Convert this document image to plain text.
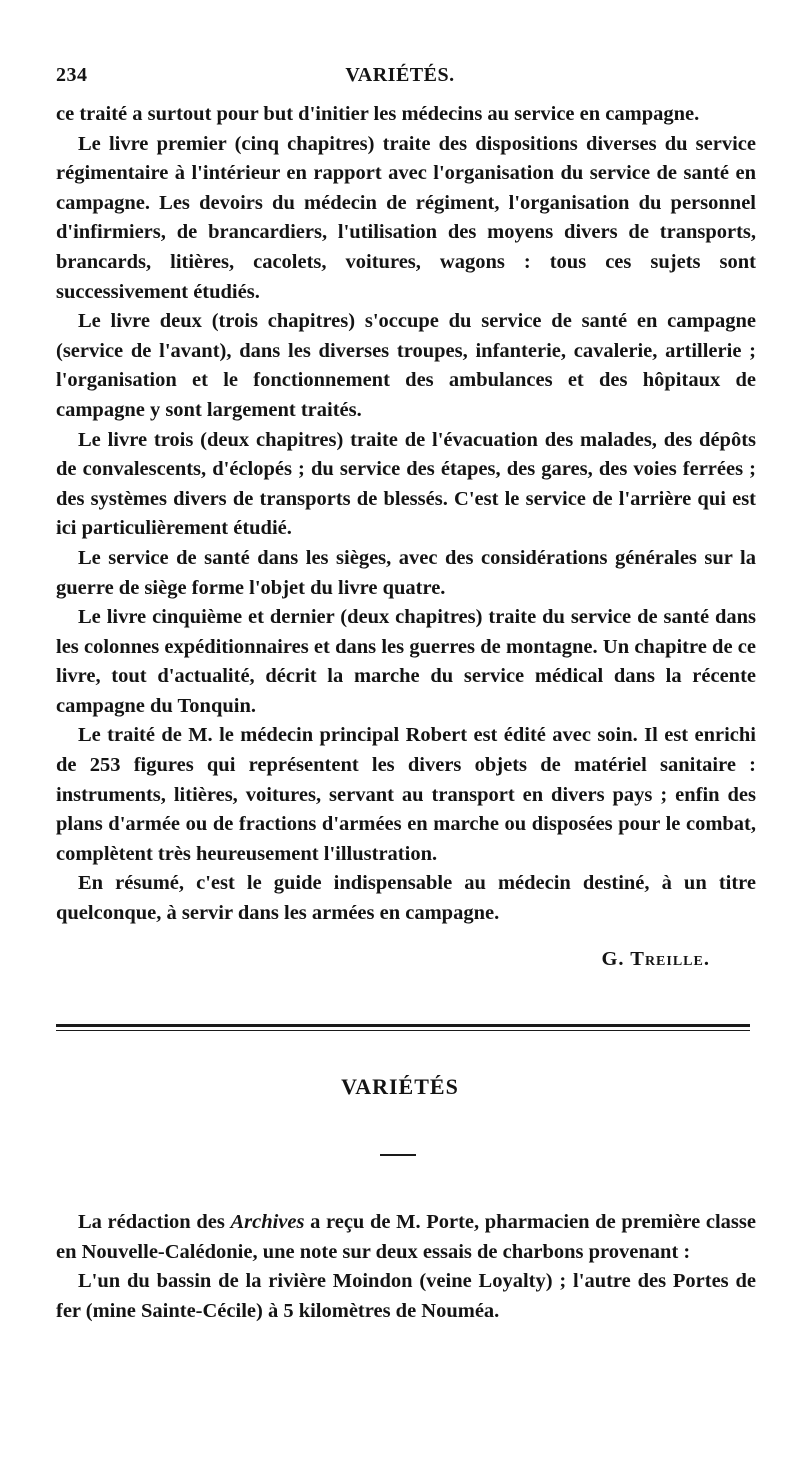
234	VARIÉTÉS.

ce traité a surtout pour but d'initier les médecins au service en campagne.

Le livre premier (cinq chapitres) traite des dispositions diverses du service régimentaire à l'intérieur en rapport avec l'organisation du service de santé en campagne. Les devoirs du médecin de régiment, l'organisation du personnel d'infirmiers, de brancardiers, l'utilisation des moyens divers de transports, brancards, litières, cacolets, voitures, wagons : tous ces sujets sont successivement étudiés.

Le livre deux (trois chapitres) s'occupe du service de santé en campagne (service de l'avant), dans les diverses troupes, infanterie, cavalerie, artillerie ; l'organisation et le fonctionnement des ambulances et des hôpitaux de campagne y sont largement traités.

Le livre trois (deux chapitres) traite de l'évacuation des malades, des dépôts de convalescents, d'éclopés ; du service des étapes, des gares, des voies ferrées ; des systèmes divers de transports de blessés. C'est le service de l'arrière qui est ici particulièrement étudié.

Le service de santé dans les sièges, avec des considérations générales sur la guerre de siège forme l'objet du livre quatre.

Le livre cinquième et dernier (deux chapitres) traite du service de santé dans les colonnes expéditionnaires et dans les guerres de montagne. Un chapitre de ce livre, tout d'actualité, décrit la marche du service médical dans la récente campagne du Tonquin.

Le traité de M. le médecin principal Robert est édité avec soin. Il est enrichi de 253 figures qui représentent les divers objets de matériel sanitaire : instruments, litières, voitures, servant au transport en divers pays ; enfin des plans d'armée ou de fractions d'armées en marche ou disposées pour le combat, complètent très heureusement l'illustration.

En résumé, c'est le guide indispensable au médecin destiné, à un titre quelconque, à servir dans les armées en campagne.

G. Treille.

VARIÉTÉS

La rédaction des Archives a reçu de M. Porte, pharmacien de première classe en Nouvelle-Calédonie, une note sur deux essais de charbons provenant :

L'un du bassin de la rivière Moindon (veine Loyalty) ; l'autre des Portes de fer (mine Sainte-Cécile) à 5 kilomètres de Nouméa.
